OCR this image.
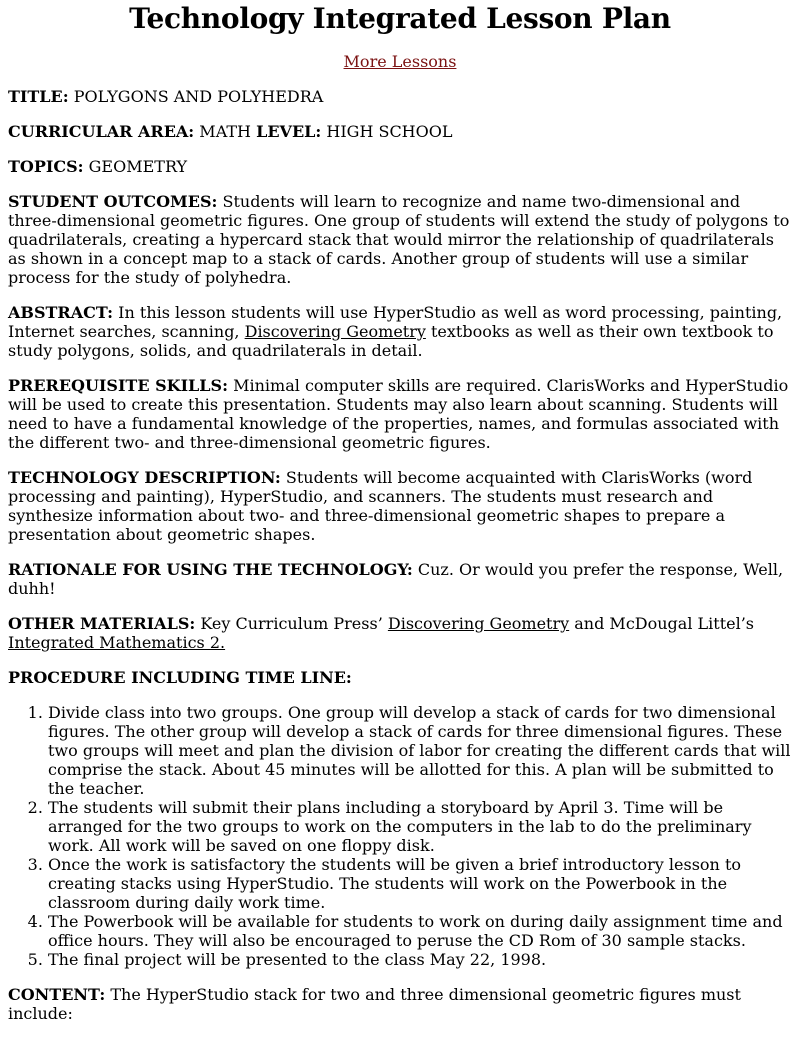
Technology Integrated Lesson Plan

More Lessons

TITLE: POLYGONS AND POLYHEDRA

CURRICULAR AREA: MATH LEVEL: HIGH SCHOOL

TOPICS: GEOMETRY

STUDENT OUTCOMES: Students will learn to recognize and name two-dimensional and three-dimensional geometric figures. One group of students will extend the study of polygons to quadrilaterals, creating a hypercard stack that would mirror the relationship of quadrilaterals as shown in a concept map to a stack of cards. Another group of students will use a similar process for the study of polyhedra.

ABSTRACT: In this lesson students will use HyperStudio as well as word processing, painting, Internet searches, scanning, Discovering Geometry textbooks as well as their own textbook to study polygons, solids, and quadrilaterals in detail.

PREREQUISITE SKILLS: Minimal computer skills are required. ClarisWorks and HyperStudio will be used to create this presentation. Students may also learn about scanning. Students will need to have a fundamental knowledge of the properties, names, and formulas associated with the different two- and three-dimensional geometric figures.

TECHNOLOGY DESCRIPTION: Students will become acquainted with ClarisWorks (word processing and painting), HyperStudio, and scanners. The students must research and synthesize information about two- and three-dimensional geometric shapes to prepare a presentation about geometric shapes.

RATIONALE FOR USING THE TECHNOLOGY: Cuz. Or would you prefer the response, Well, duhh!

OTHER MATERIALS: Key Curriculum Press’ Discovering Geometry and McDougal Littel’s Integrated Mathematics 2.

PROCEDURE INCLUDING TIME LINE:

1. Divide class into two groups. One group will develop a stack of cards for two dimensional figures. The other group will develop a stack of cards for three dimensional figures. These two groups will meet and plan the division of labor for creating the different cards that will comprise the stack. About 45 minutes will be allotted for this. A plan will be submitted to the teacher.
2. The students will submit their plans including a storyboard by April 3. Time will be arranged for the two groups to work on the computers in the lab to do the preliminary work. All work will be saved on one floppy disk.
3. Once the work is satisfactory the students will be given a brief introductory lesson to creating stacks using HyperStudio. The students will work on the Powerbook in the classroom during daily work time.
4. The Powerbook will be available for students to work on during daily assignment time and office hours. They will also be encouraged to peruse the CD Rom of 30 sample stacks.
5. The final project will be presented to the class May 22, 1998.

CONTENT: The HyperStudio stack for two and three dimensional geometric figures must include:
